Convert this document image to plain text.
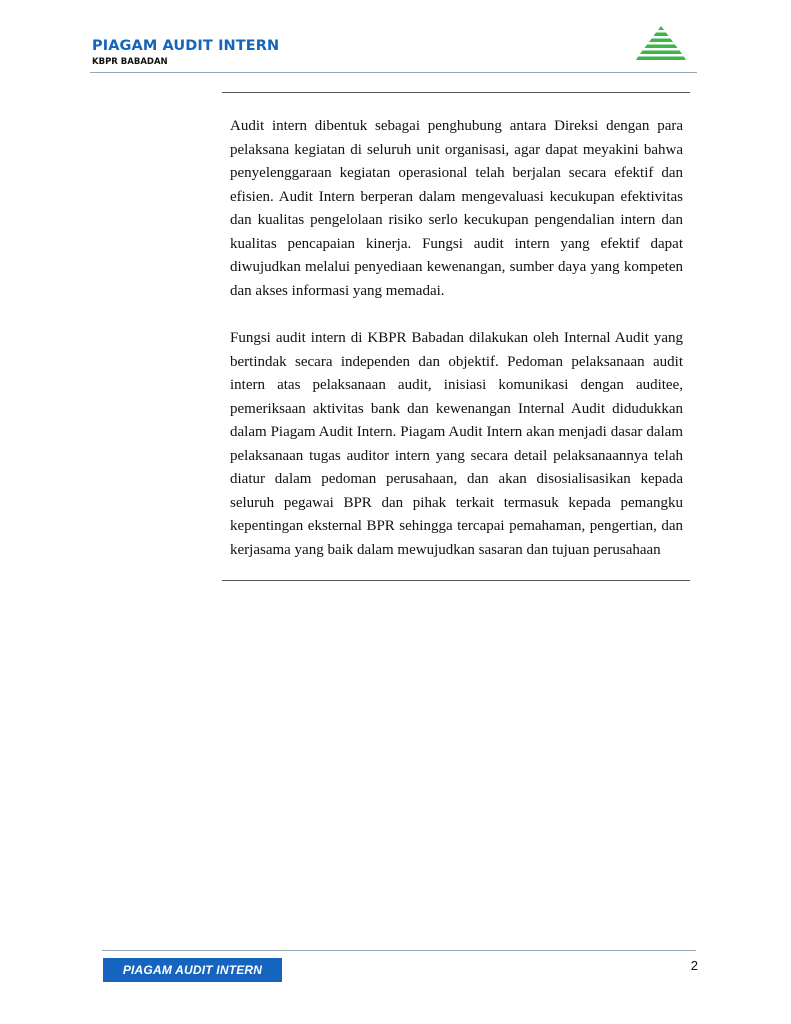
PIAGAM AUDIT INTERN
KBPR BABADAN

Audit intern dibentuk sebagai penghubung antara Direksi dengan para pelaksana kegiatan di seluruh unit organisasi, agar dapat meyakini bahwa penyelenggaraan kegiatan operasional telah berjalan secara efektif dan efisien. Audit Intern berperan dalam mengevaluasi kecukupan efektivitas dan kualitas pengelolaan risiko serlo kecukupan pengendalian intern dan kualitas pencapaian kinerja. Fungsi audit intern yang efektif dapat diwujudkan melalui penyediaan kewenangan, sumber daya yang kompeten dan akses informasi yang memadai.

Fungsi audit intern di KBPR Babadan dilakukan oleh Internal Audit yang bertindak secara independen dan objektif. Pedoman pelaksanaan audit intern atas pelaksanaan audit, inisiasi komunikasi dengan auditee, pemeriksaan aktivitas bank dan kewenangan Internal Audit didudukkan dalam Piagam Audit Intern. Piagam Audit Intern akan menjadi dasar dalam pelaksanaan tugas auditor intern yang secara detail pelaksanaannya telah diatur dalam pedoman perusahaan, dan akan disosialisasikan kepada seluruh pegawai BPR dan pihak terkait termasuk kepada pemangku kepentingan eksternal BPR sehingga tercapai pemahaman, pengertian, dan kerjasama yang baik dalam mewujudkan sasaran dan tujuan perusahaan

PIAGAM AUDIT INTERN	2
